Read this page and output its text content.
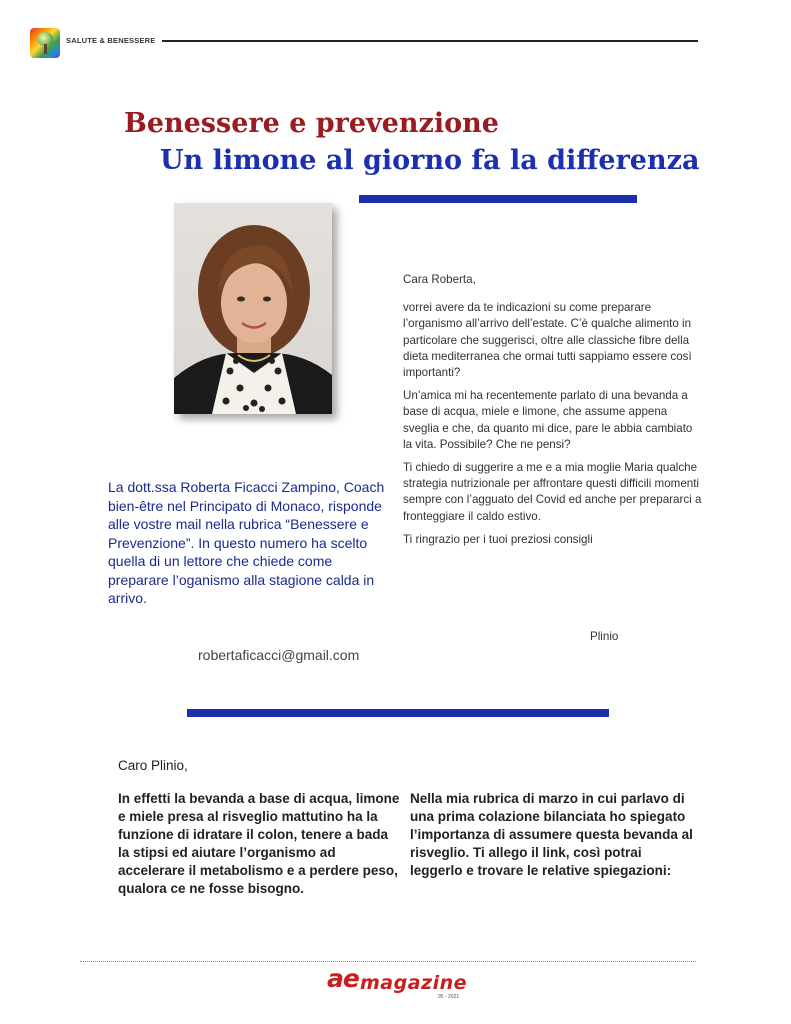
SALUTE & BENESSERE
Benessere e prevenzione
Un limone al giorno fa la differenza

La dott.ssa Roberta Ficacci Zampino, Coach bien-être nel Principato di Monaco, risponde alle vostre mail nella rubrica “Benessere e Prevenzione”. In questo numero ha scelto quella di un lettore che chiede come preparare l’oganismo alla stagione calda in arrivo.

robertaficacci@gmail.com

Cara Roberta,

vorrei avere da te indicazioni su come preparare l’organismo all’arrivo dell’estate. C’è qualche alimento in particolare che suggerisci, oltre alle classiche fibre della dieta mediterranea che ormai tutti sappiamo essere così importanti?

Un’amica mi ha recentemente parlato di una bevanda a base di acqua, miele e limone, che assume appena sveglia e che, da quanto mi dice, pare le abbia cambiato la vita. Possibile? Che ne pensi?

Ti chiedo di suggerire a me e a mia moglie Maria qualche strategia nutrizionale per affrontare questi difficili momenti sempre con l’agguato del Covid ed anche per prepararci a fronteggiare il caldo estivo.

Ti ringrazio per i tuoi preziosi consigli

Plinio
Caro Plinio,

In effetti la bevanda a base di acqua, limone e miele presa al risveglio mattutino ha la funzione di idratare il colon, tenere a bada la stipsi ed aiutare l’organismo ad accelerare il metabolismo e a perdere peso, qualora ce ne fosse bisogno.

Nella mia rubrica di marzo in cui parlavo di una prima colazione bilanciata ho spiegato l’importanza di assumere questa bevanda al risveglio. Ti allego il link, così potrai leggerlo e trovare le relative spiegazioni:

ae magazine
95 - 2021
